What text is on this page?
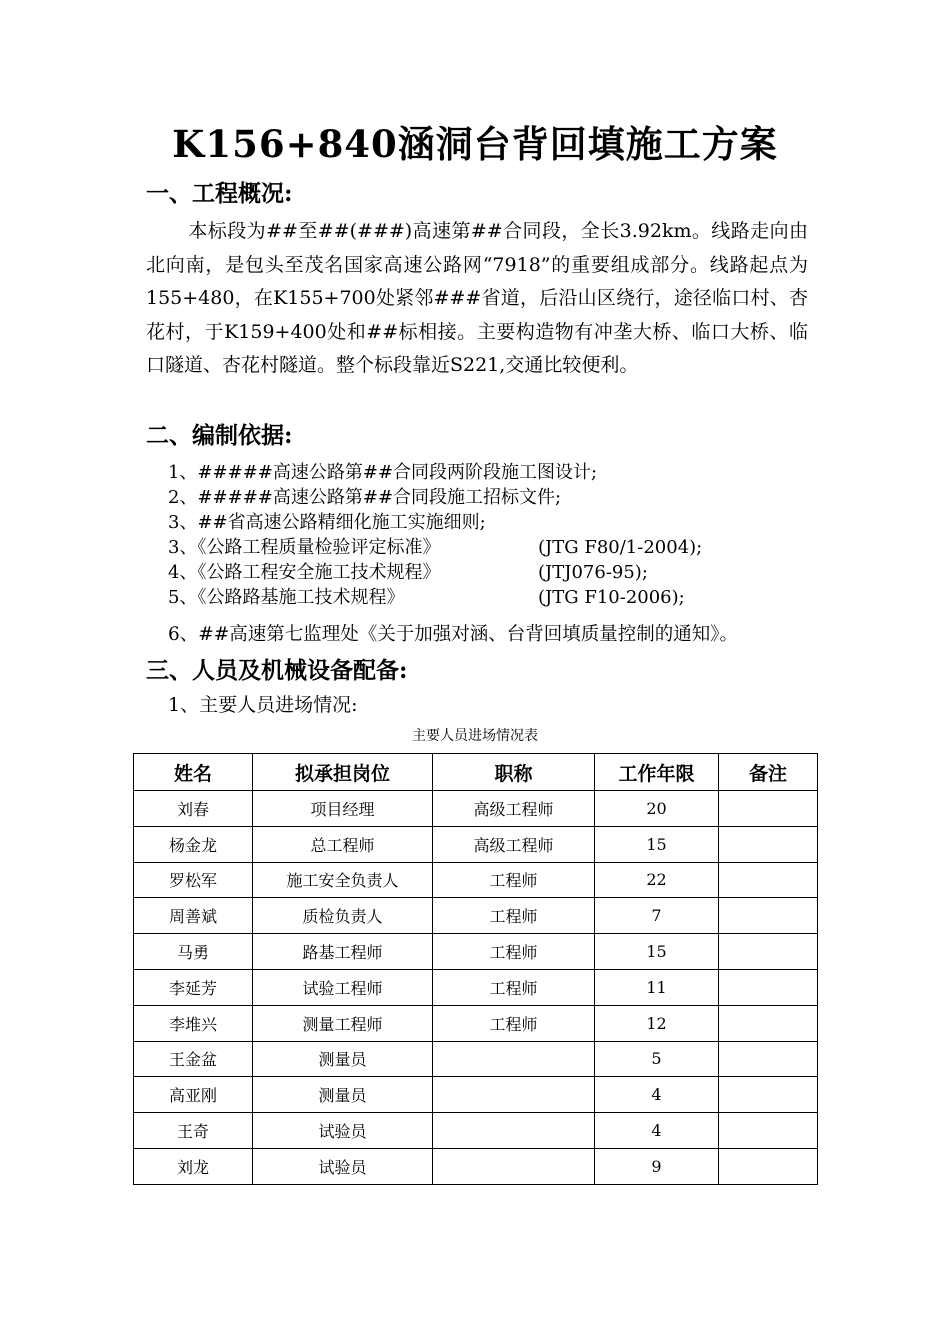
K156+840涵洞台背回填施工方案
一、工程概况:
本标段为##至##(###)高速第##合同段，全长3.92km。线路走向由北向南，是包头至茂名国家高速公路网“7918”的重要组成部分。线路起点为155+480，在K155+700处紧邻###省道，后沿山区绕行，途径临口村、杏花村，于K159+400处和##标相接。主要构造物有冲垄大桥、临口大桥、临口隧道、杏花村隧道。整个标段靠近S221,交通比较便利。
二、编制依据:
1、#####高速公路第##合同段两阶段施工图设计;
2、#####高速公路第##合同段施工招标文件;
3、##省高速公路精细化施工实施细则;
3、《公路工程质量检验评定标准》	(JTG F80/1-2004);
4、《公路工程安全施工技术规程》	(JTJ076-95);
5、《公路路基施工技术规程》	(JTG F10-2006);
6、##高速第七监理处《关于加强对涵、台背回填质量控制的通知》。
三、人员及机械设备配备:
1、主要人员进场情况:
主要人员进场情况表
姓名	拟承担岗位	职称	工作年限	备注
刘春	项目经理	高级工程师	20	
杨金龙	总工程师	高级工程师	15	
罗松军	施工安全负责人	工程师	22	
周善斌	质检负责人	工程师	7	
马勇	路基工程师	工程师	15	
李延芳	试验工程师	工程师	11	
李堆兴	测量工程师	工程师	12	
王金盆	测量员		5	
高亚刚	测量员		4	
王奇	试验员		4	
刘龙	试验员		9	
